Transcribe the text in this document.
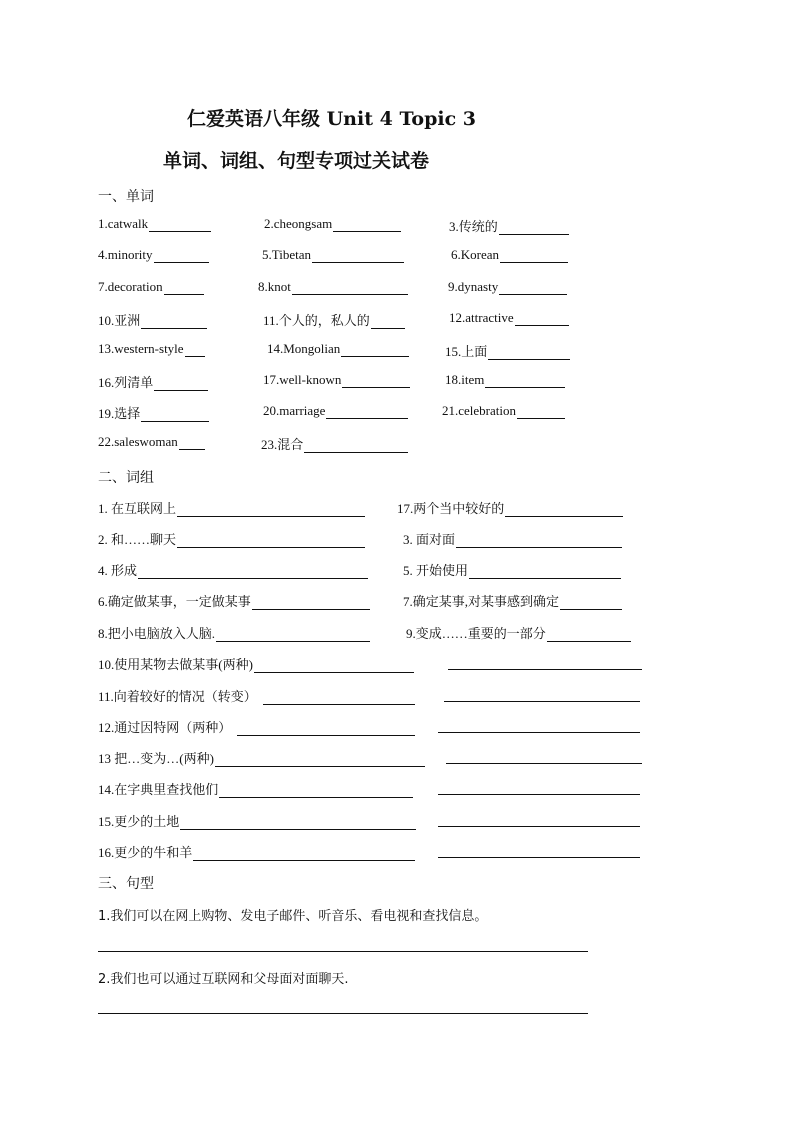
仁爱英语八年级 Unit 4 Topic 3
单词、词组、句型专项过关试卷
一、单词
1.catwalk	2.cheongsam	3.传统的
4.minority	5.Tibetan	6.Korean
7.decoration	8.knot	9.dynasty
10.亚洲	11.个人的，私人的	12.attractive
13.western-style	14.Mongolian	15.上面
16.列清单	17.well-known	18.item
19.选择	20.marriage	21.celebration
22.saleswoman	23.混合
二、词组
1. 在互联网上	17.两个当中较好的
2. 和……聊天	3. 面对面
4. 形成	5. 开始使用
6.确定做某事，一定做某事	7.确定某事,对某事感到确定
8.把小电脑放入人脑.	9.变成……重要的一部分
10.使用某物去做某事(两种)
11.向着较好的情况（转变）
12.通过因特网（两种）
13 把…变为…(两种)
14.在字典里查找他们
15.更少的土地
16.更少的牛和羊
三、句型
1.我们可以在网上购物、发电子邮件、听音乐、看电视和查找信息。
2.我们也可以通过互联网和父母面对面聊天.
